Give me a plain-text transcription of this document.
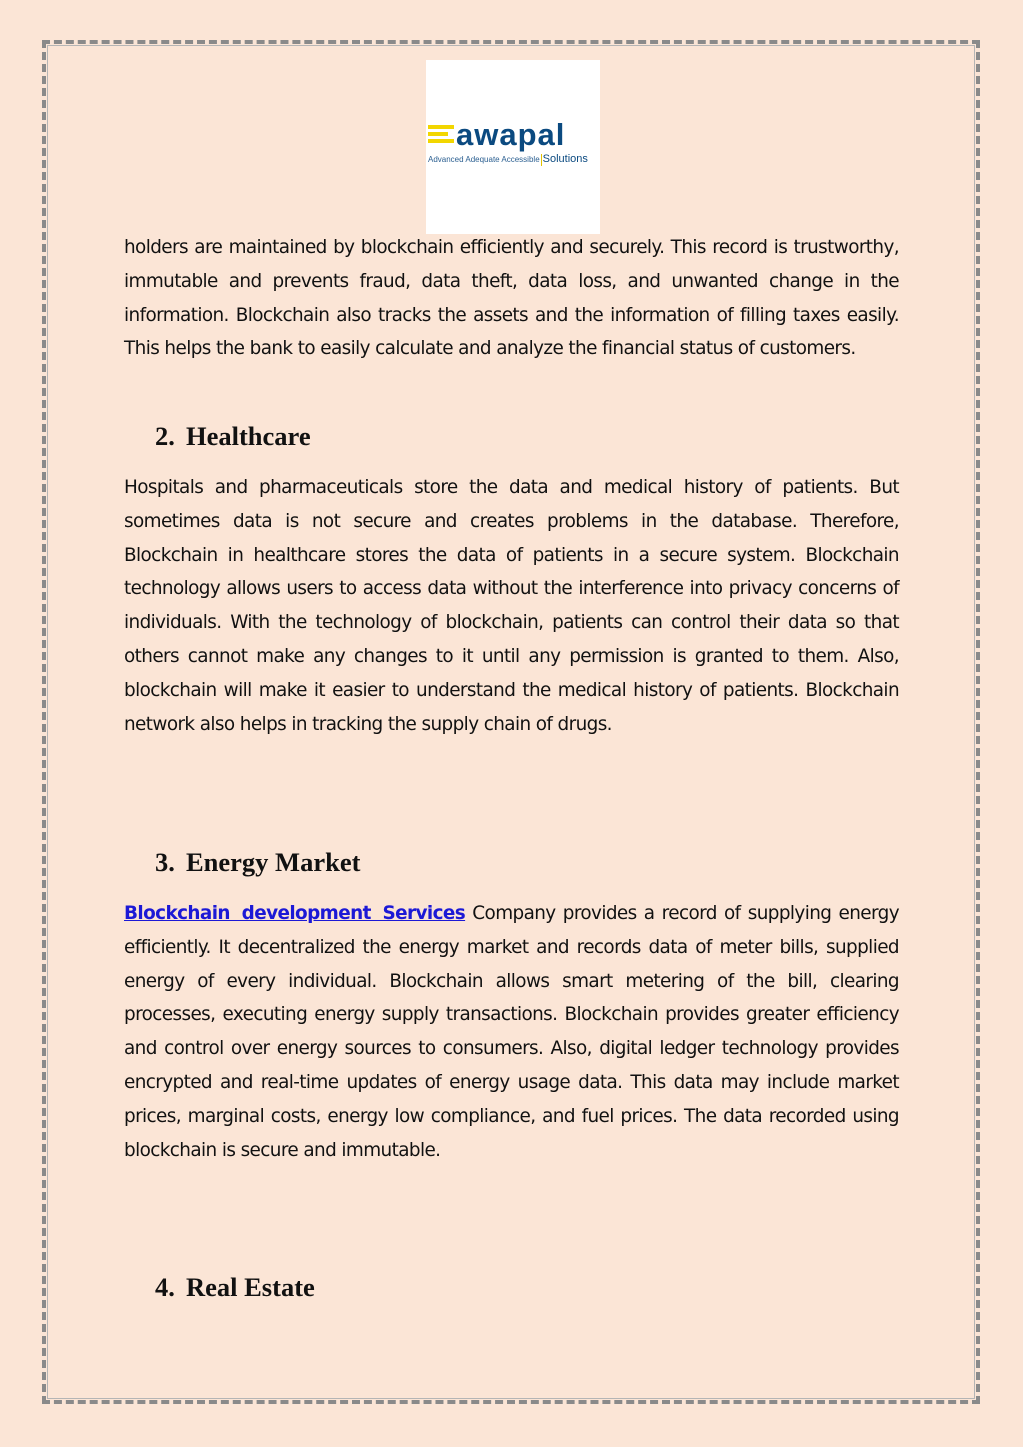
awapal
Advanced Adequate Accessible Solutions

holders are maintained by blockchain efficiently and securely. This record is trustworthy, immutable and prevents fraud, data theft, data loss, and unwanted change in the information. Blockchain also tracks the assets and the information of filling taxes easily. This helps the bank to easily calculate and analyze the financial status of customers.

2. Healthcare

Hospitals and pharmaceuticals store the data and medical history of patients. But sometimes data is not secure and creates problems in the database. Therefore, Blockchain in healthcare stores the data of patients in a secure system. Blockchain technology allows users to access data without the interference into privacy concerns of individuals. With the technology of blockchain, patients can control their data so that others cannot make any changes to it until any permission is granted to them. Also, blockchain will make it easier to understand the medical history of patients. Blockchain network also helps in tracking the supply chain of drugs.

3. Energy Market

Blockchain development Services Company provides a record of supplying energy efficiently. It decentralized the energy market and records data of meter bills, supplied energy of every individual. Blockchain allows smart metering of the bill, clearing processes, executing energy supply transactions. Blockchain provides greater efficiency and control over energy sources to consumers. Also, digital ledger technology provides encrypted and real-time updates of energy usage data. This data may include market prices, marginal costs, energy low compliance, and fuel prices. The data recorded using blockchain is secure and immutable.

4. Real Estate
